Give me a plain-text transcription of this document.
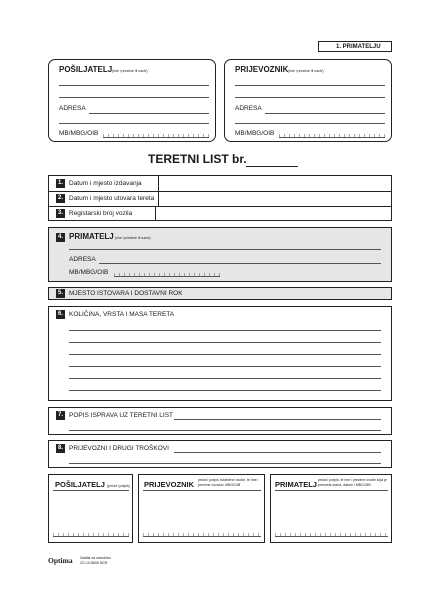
1. PRIMATELJU
POŠILJATELJ (ime i prezime ili naziv)
ADRESA
MB/MBG/OIB
PRIJEVOZNIK (ime i prezime ili naziv)
ADRESA
MB/MBG/OIB
TERETNI LIST br.
1. Datum i mjesto izdavanja
2. Datum i mjesto utovara tereta
3. Registarski broj vozila
4. PRIMATELJ (ime i prezime ili naziv)
ADRESA
MB/MBG/OIB
5. MJESTO ISTOVARA I DOSTAVNI ROK
6. KOLIČINA, VRSTA I MASA TERETA
7. POPIS ISPRAVA UZ TERETNI LIST
8. PRIJEVOZNI I DRUGI TROŠKOVI
POŠILJATELJ (pečat i potpis) PRIJEVOZNIK pečat i potpis ovlaštene osobe, te ime i prezime vozača i MBG/OIB	PRIMATELJ pečat i potpis, te ime i prezime osobe koja je preuzela dobra, datum i MBG/OIB
Optima Zaštita za narudžbu
ZO-10-8606 NCR
